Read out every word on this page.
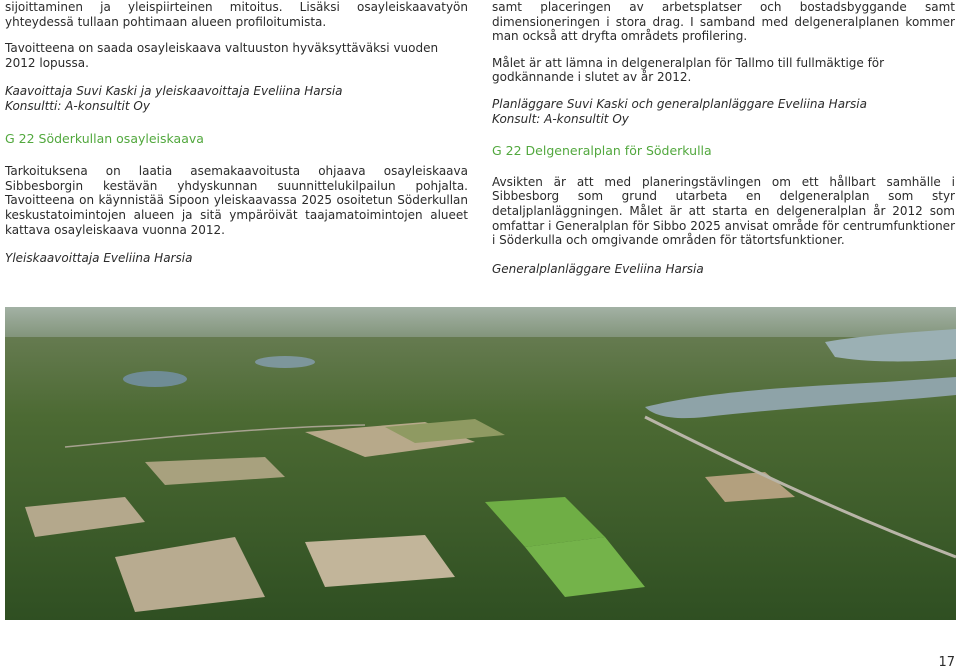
sijoittaminen ja yleispiirteinen mitoitus. Lisäksi osayleiskaavatyön yhteydessä tullaan pohtimaan alueen profiloitumista.

Tavoitteena on saada osayleiskaava valtuuston hyväksyttäväksi vuoden 2012 lopussa.

Kaavoittaja Suvi Kaski ja yleiskaavoittaja Eveliina Harsia

Konsultti: A-konsultit Oy

G 22 Söderkullan osayleiskaava

Tarkoituksena on laatia asemakaavoitusta ohjaava osayleiskaava Sibbesborgin kestävän yhdyskunnan suunnittelukilpailun pohjalta. Tavoitteena on käynnistää Sipoon yleiskaavassa 2025 osoitetun Söderkullan keskustatoimintojen alueen ja sitä ympäröivät taajamatoimintojen alueet kattava osayleiskaava vuonna 2012.

Yleiskaavoittaja Eveliina Harsia

samt placeringen av arbetsplatser och bostadsbyggande samt dimensioneringen i stora drag. I samband med delgeneralplanen kommer man också att dryfta områdets profilering.

Målet är att lämna in delgeneralplan för Tallmo till fullmäktige för godkännande i slutet av år 2012.

Planläggare Suvi Kaski och generalplanläggare Eveliina Harsia

Konsult: A-konsultit Oy

G 22 Delgeneralplan för Söderkulla

Avsikten är att med planeringstävlingen om ett hållbart samhälle i Sibbesborg som grund utarbeta en delgeneralplan som styr detaljplanläggningen. Målet är att starta en delgeneralplan år 2012 som omfattar i Generalplan för Sibbo 2025 anvisat område för centrumfunktioner i Söderkulla och omgivande områden för tätortsfunktioner.

Generalplanläggare Eveliina Harsia

17
